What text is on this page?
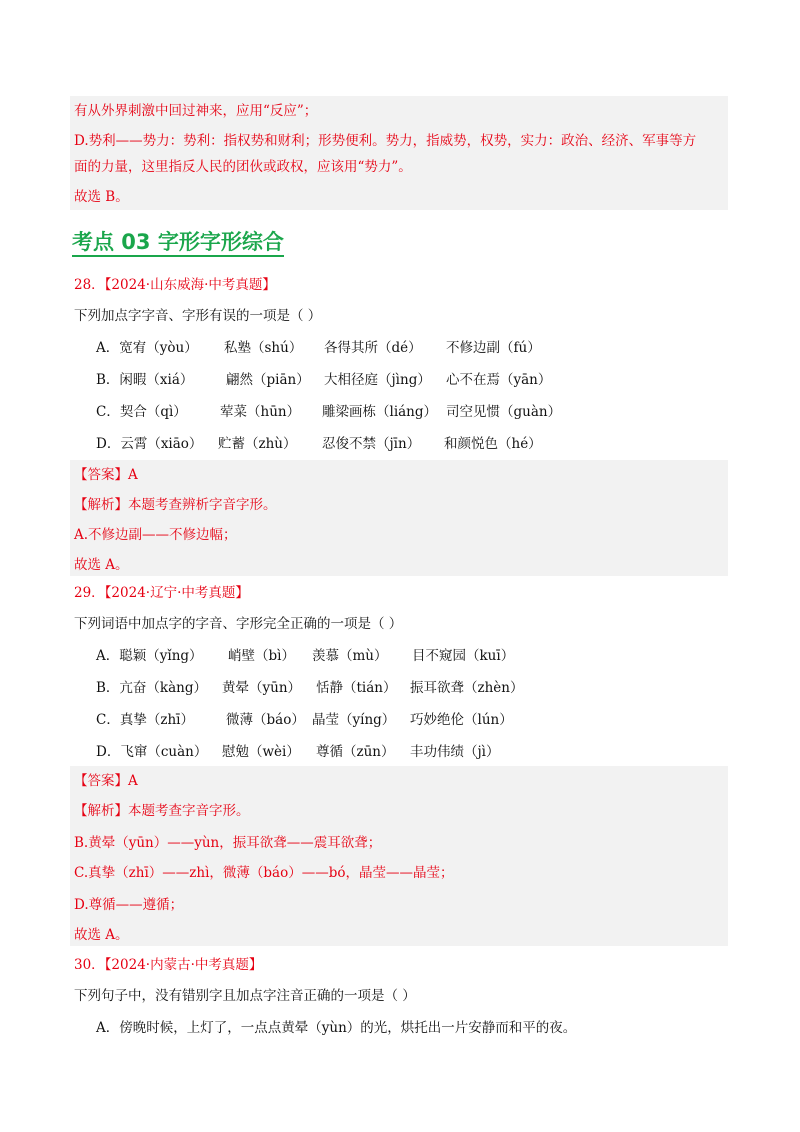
有从外界刺激中回过神来，应用“反应”；
D.势利——势力：势利：指权势和财利；形势便利。势力，指威势，权势，实力：政治、经济、军事等方
面的力量，这里指反人民的团伙或政权，应该用“势力”。
故选 B。
考点 03 字形字形综合
28．【2024·山东威海·中考真题】
下列加点字字音、字形有误的一项是（ ）
A．宽宥（yòu） 私塾（shú） 各得其所（dé） 不修边副（fú）
B．闲暇（xiá） 翩然（piān） 大相径庭（jìng） 心不在焉（yān）
C．契合（qì） 荤菜（hūn） 雕梁画栋（liáng） 司空见惯（guàn）
D．云霄（xiāo） 贮蓄（zhù） 忍俊不禁（jīn） 和颜悦色（hé）
【答案】A
【解析】本题考查辨析字音字形。
A.不修边副——不修边幅；
故选 A。
29．【2024·辽宁·中考真题】
下列词语中加点字的字音、字形完全正确的一项是（ ）
A．聪颖（yǐng） 峭壁（bì） 羡慕（mù） 目不窥园（kuī）
B．亢奋（kàng） 黄晕（yūn） 恬静（tián） 振耳欲聋（zhèn）
C．真挚（zhī） 微薄（báo） 晶莹（yíng） 巧妙绝伦（lún）
D．飞窜（cuàn） 慰勉（wèi） 尊循（zūn） 丰功伟绩（jì）
【答案】A
【解析】本题考查字音字形。
B.黄晕（yūn）——yùn，振耳欲聋——震耳欲聋；
C.真挚（zhī）——zhì，微薄（báo）——bó，晶莹——晶莹；
D.尊循——遵循；
故选 A。
30．【2024·内蒙古·中考真题】
下列句子中，没有错别字且加点字注音正确的一项是（ ）
A．傍晚时候，上灯了，一点点黄晕（yùn）的光，烘托出一片安静而和平的夜。
